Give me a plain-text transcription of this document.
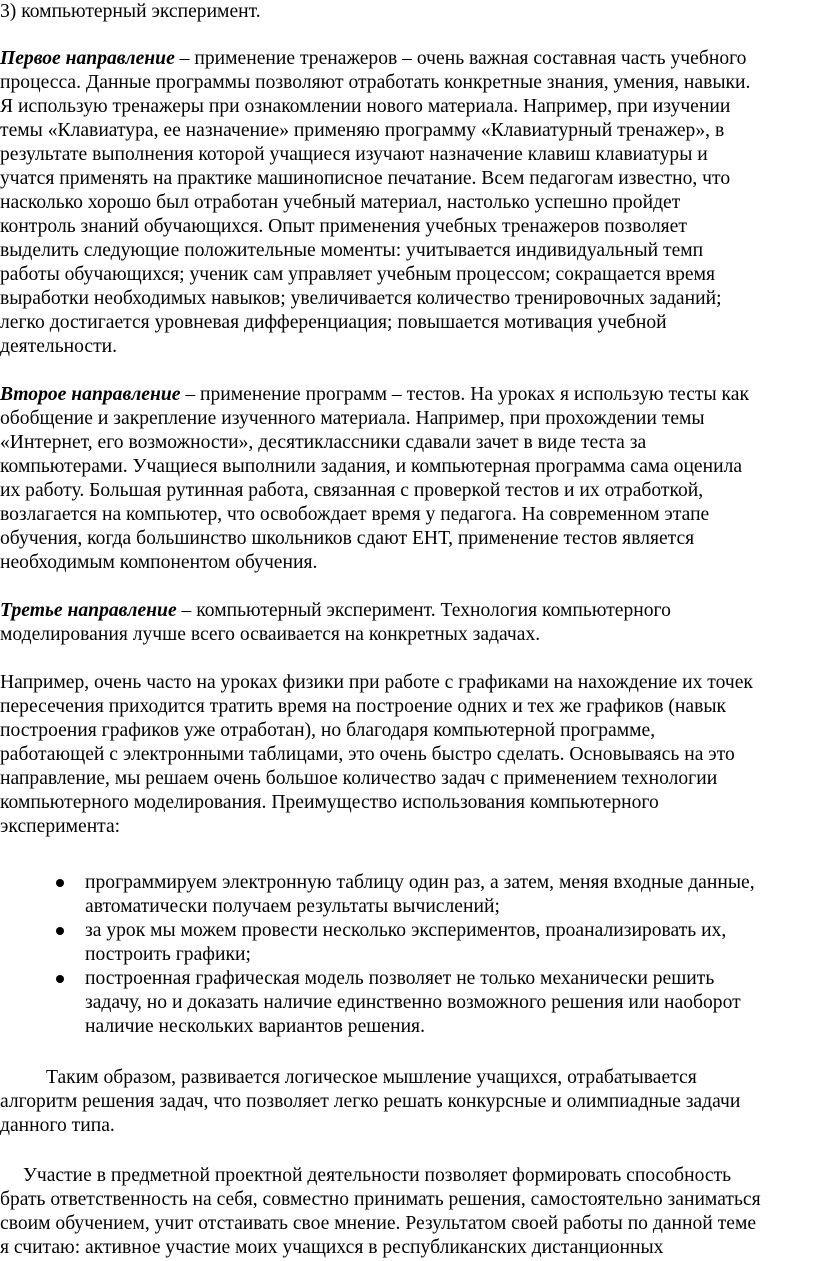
3) компьютерный эксперимент.
Первое направление – применение тренажеров – очень важная составная часть учебного
процесса. Данные программы позволяют отработать конкретные знания, умения, навыки.
Я использую тренажеры при ознакомлении нового материала. Например, при изучении
темы «Клавиатура, ее назначение» применяю программу «Клавиатурный тренажер», в
результате выполнения которой учащиеся изучают назначение клавиш клавиатуры и
учатся применять на практике машинописное печатание. Всем педагогам известно, что
насколько хорошо был отработан учебный материал, настолько успешно пройдет
контроль знаний обучающихся. Опыт применения учебных тренажеров позволяет
выделить следующие положительные моменты: учитывается индивидуальный темп
работы обучающихся; ученик сам управляет учебным процессом; сокращается время
выработки необходимых навыков; увеличивается количество тренировочных заданий;
легко достигается уровневая дифференциация; повышается мотивация учебной
деятельности.
Второе направление – применение программ – тестов. На уроках я использую тесты как
обобщение и закрепление изученного материала. Например, при прохождении темы
«Интернет, его возможности», десятиклассники сдавали зачет в виде теста за
компьютерами. Учащиеся выполнили задания, и компьютерная программа сама оценила
их работу. Большая рутинная работа, связанная с проверкой тестов и их отработкой,
возлагается на компьютер, что освобождает время у педагога. На современном этапе
обучения, когда большинство школьников сдают ЕНТ, применение тестов является
необходимым компонентом обучения.
Третье направление – компьютерный эксперимент. Технология компьютерного
моделирования лучше всего осваивается на конкретных задачах.
Например, очень часто на уроках физики при работе с графиками на нахождение их точек
пересечения приходится тратить время на построение одних и тех же графиков (навык
построения графиков уже отработан), но благодаря компьютерной программе,
работающей с электронными таблицами, это очень быстро сделать. Основываясь на это
направление, мы решаем очень большое количество задач с применением технологии
компьютерного моделирования. Преимущество использования компьютерного
эксперимента:
программируем электронную таблицу один раз, а затем, меняя входные данные,
автоматически получаем результаты вычислений;
за урок мы можем провести несколько экспериментов, проанализировать их,
построить графики;
построенная графическая модель позволяет не только механически решить
задачу, но и доказать наличие единственно возможного решения или наоборот
наличие нескольких вариантов решения.
Таким образом, развивается логическое мышление учащихся, отрабатывается
алгоритм решения задач, что позволяет легко решать конкурсные и олимпиадные задачи
данного типа.
Участие в предметной проектной деятельности позволяет формировать способность
брать ответственность на себя, совместно принимать решения, самостоятельно заниматься
своим обучением, учит отстаивать свое мнение. Результатом своей работы по данной теме
я считаю: активное участие моих учащихся в республиканских дистанционных
